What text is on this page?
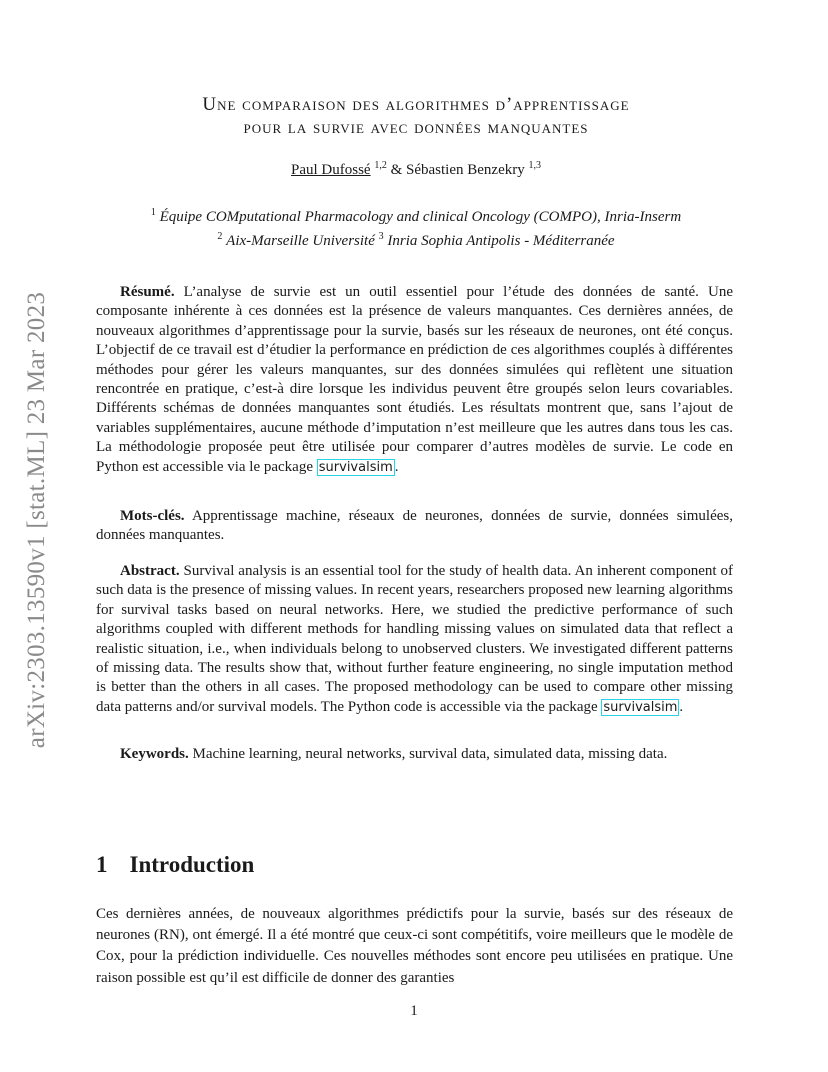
arXiv:2303.13590v1 [stat.ML] 23 Mar 2023
Une comparaison des algorithmes d’apprentissage
pour la survie avec données manquantes
Paul Dufossé $^{1,2}$ & Sébastien Benzekry $^{1,3}$
$^1$ Équipe COMputational Pharmacology and clinical Oncology (COMPO), Inria-Inserm
$^2$ Aix-Marseille Université $^3$ Inria Sophia Antipolis - Méditerranée

Résumé. L’analyse de survie est un outil essentiel pour l’étude des données de santé. Une composante inhérente à ces données est la présence de valeurs manquantes. Ces dernières années, de nouveaux algorithmes d’apprentissage pour la survie, basés sur les réseaux de neurones, ont été conçus. L’objectif de ce travail est d’étudier la performance en prédiction de ces algorithmes couplés à différentes méthodes pour gérer les valeurs manquantes, sur des données simulées qui reflètent une situation rencontrée en pratique, c’est-à dire lorsque les individus peuvent être groupés selon leurs covariables. Différents schémas de données manquantes sont étudiés. Les résultats montrent que, sans l’ajout de variables supplémentaires, aucune méthode d’imputation n’est meilleure que les autres dans tous les cas. La méthodologie proposée peut être utilisée pour comparer d’autres modèles de survie. Le code en Python est accessible via le package survivalsim .

Mots-clés. Apprentissage machine, réseaux de neurones, données de survie, données simulées, données manquantes.

Abstract. Survival analysis is an essential tool for the study of health data. An inherent component of such data is the presence of missing values. In recent years, researchers proposed new learning algorithms for survival tasks based on neural networks. Here, we studied the predictive performance of such algorithms coupled with different methods for handling missing values on simulated data that reflect a realistic situation, i.e., when individuals belong to unobserved clusters. We investigated different patterns of missing data. The results show that, without further feature engineering, no single imputation method is better than the others in all cases. The proposed methodology can be used to compare other missing data patterns and/or survival models. The Python code is accessible via the package survivalsim .

Keywords. Machine learning, neural networks, survival data, simulated data, missing data.

1 Introduction

Ces dernières années, de nouveaux algorithmes prédictifs pour la survie, basés sur des réseaux de neurones (RN), ont émergé. Il a été montré que ceux-ci sont compétitifs, voire meilleurs que le modèle de Cox, pour la prédiction individuelle. Ces nouvelles méthodes sont encore peu utilisées en pratique. Une raison possible est qu’il est difficile de donner des garanties

1
